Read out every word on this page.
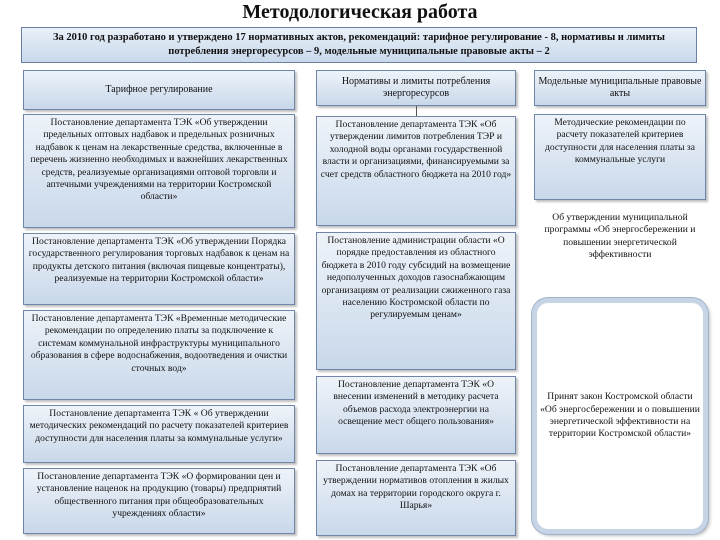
Методологическая работа
За 2010 год разработано и утверждено 17 нормативных актов, рекомендаций: тарифное регулирование - 8, нормативы и лимиты потребления энергоресурсов – 9, модельные муниципальные правовые акты – 2
Тарифное регулирование
Постановление департамента ТЭК «Об утверждении предельных оптовых надбавок и предельных розничных надбавок к ценам на лекарственные средства, включенные в перечень жизненно необходимых и важнейших лекарственных средств, реализуемые организациями оптовой торговли и аптечными учреждениями на территории Костромской области»
Постановление департамента ТЭК «Об утверждении Порядка государственного регулирования торговых надбавок к ценам на продукты детского питания (включая пищевые концентраты), реализуемые на территории Костромской области»
Постановление департамента ТЭК «Временные методические рекомендации по определению платы за подключение к системам коммунальной инфраструктуры муниципального образования в сфере водоснабжения, водоотведения и очистки сточных вод»
Постановление департамента ТЭК « Об утверждении методических рекомендаций по расчету показателей критериев доступности для населения платы за коммунальные услуги»
Постановление департамента ТЭК «О формировании цен и установление наценок на продукцию (товары) предприятий общественного питания при общеобразовательных учреждениях области»
Нормативы и лимиты потребления энергоресурсов
Постановление департамента ТЭК «Об утверждении лимитов потребления ТЭР и холодной воды органами государственной власти и организациями, финансируемыми за счет средств областного бюджета на 2010 год»
Постановление администрации области «О порядке предоставления из областного бюджета в 2010 году субсидий на возмещение недополученных доходов газоснабжающим организациям от реализации сжиженного газа населению Костромской области по регулируемым ценам»
Постановление департамента ТЭК «О внесении изменений в методику расчета объемов расхода электроэнергии на освещение мест общего пользования»
Постановление департамента ТЭК «Об утверждении нормативов отопления в жилых домах на территории городского округа г. Шарья»
Модельные муниципальные правовые акты
Методические рекомендации по расчету показателей критериев доступности для населения платы за коммунальные услуги
Об утверждении муниципальной программы «Об энергосбережении и повышении энергетической эффективности
Принят закон Костромской области «Об энергосбережении и о повышении энергетической эффективности на территории Костромской области»
